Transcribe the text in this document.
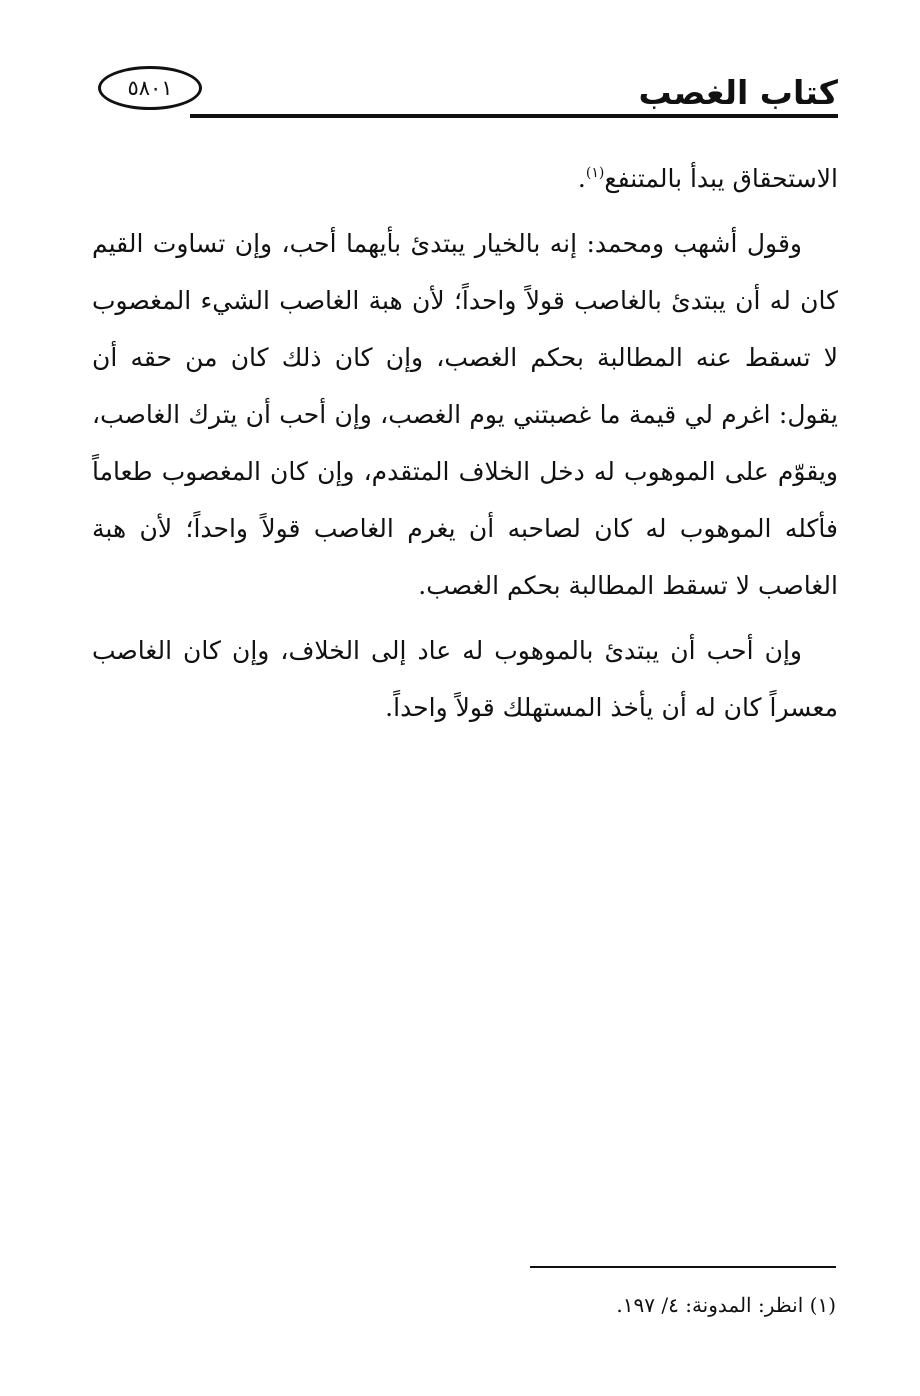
كتاب الغصب
٥٨٠١

الاستحقاق يبدأ بالمتنفع$^{(١)}$.

وقول أشهب ومحمد: إنه بالخيار يبتدئ بأيهما أحب، وإن تساوت القيم كان له أن يبتدئ بالغاصب قولاً واحداً؛ لأن هبة الغاصب الشيء المغصوب لا تسقط عنه المطالبة بحكم الغصب، وإن كان ذلك كان من حقه أن يقول: اغرم لي قيمة ما غصبتني يوم الغصب، وإن أحب أن يترك الغاصب، ويقوّم على الموهوب له دخل الخلاف المتقدم، وإن كان المغصوب طعاماً فأكله الموهوب له كان لصاحبه أن يغرم الغاصب قولاً واحداً؛ لأن هبة الغاصب لا تسقط المطالبة بحكم الغصب.

وإن أحب أن يبتدئ بالموهوب له عاد إلى الخلاف، وإن كان الغاصب معسراً كان له أن يأخذ المستهلك قولاً واحداً.

(١) انظر: المدونة: ٤/ ١٩٧.
